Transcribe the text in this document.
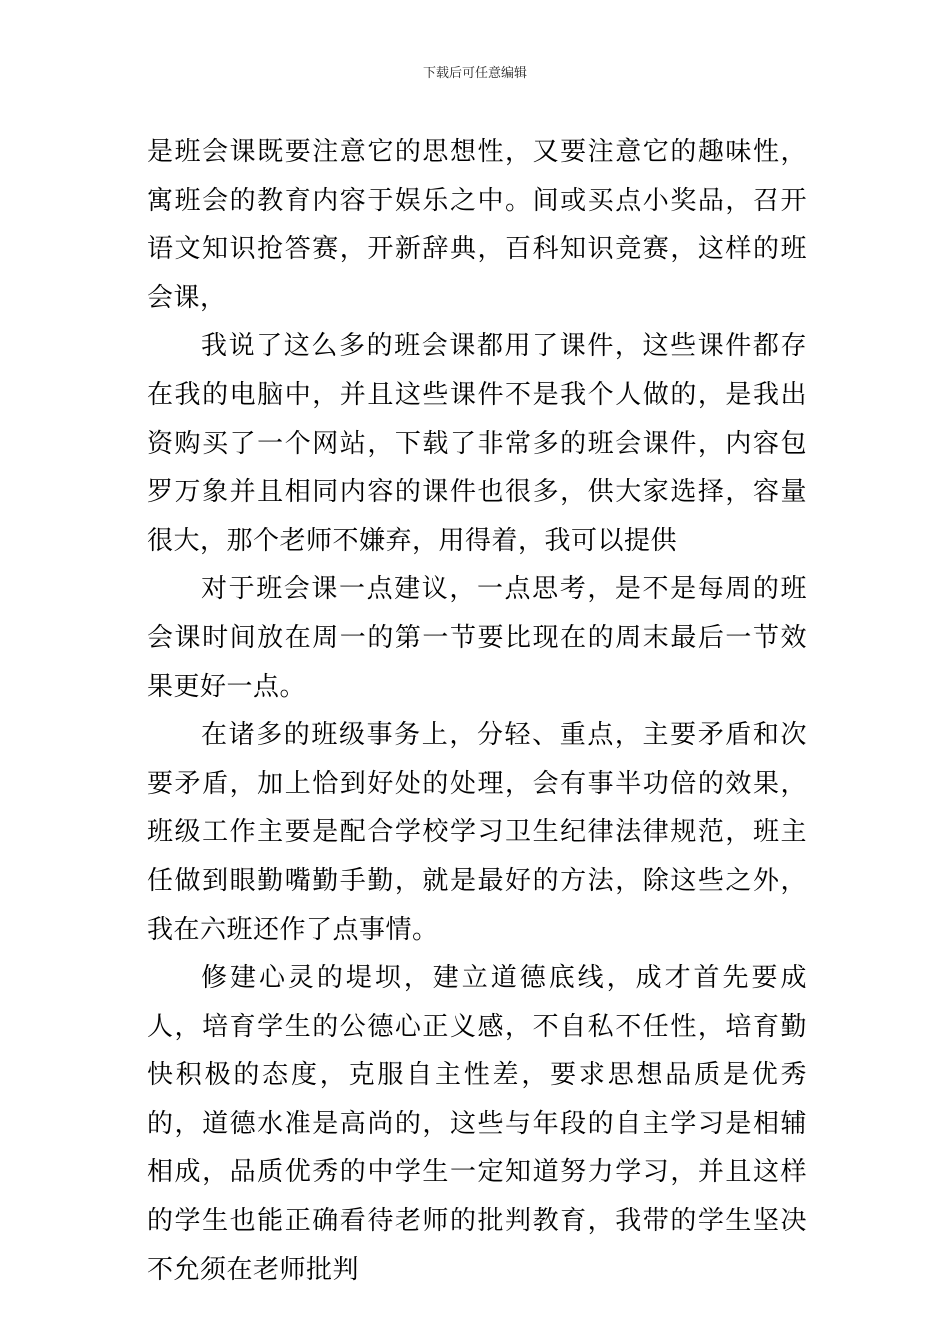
下载后可任意编辑

是班会课既要注意它的思想性，又要注意它的趣味性，寓班会的教育内容于娱乐之中。间或买点小奖品，召开语文知识抢答赛，开新辞典，百科知识竞赛，这样的班会课，

我说了这么多的班会课都用了课件，这些课件都存在我的电脑中，并且这些课件不是我个人做的，是我出资购买了一个网站，下载了非常多的班会课件，内容包罗万象并且相同内容的课件也很多，供大家选择，容量很大，那个老师不嫌弃，用得着，我可以提供

对于班会课一点建议，一点思考，是不是每周的班会课时间放在周一的第一节要比现在的周末最后一节效果更好一点。

在诸多的班级事务上，分轻、重点，主要矛盾和次要矛盾，加上恰到好处的处理，会有事半功倍的效果，班级工作主要是配合学校学习卫生纪律法律规范，班主任做到眼勤嘴勤手勤，就是最好的方法，除这些之外， 我在六班还作了点事情。

修建心灵的堤坝，建立道德底线，成才首先要成人，培育学生的公德心正义感，不自私不任性，培育勤快积极的态度，克服自主性差，要求思想品质是优秀的，道德水准是高尚的，这些与年段的自主学习是相辅相成，品质优秀的中学生一定知道努力学习，并且这样的学生也能正确看待老师的批判教育，我带的学生坚决不允须在老师批判
